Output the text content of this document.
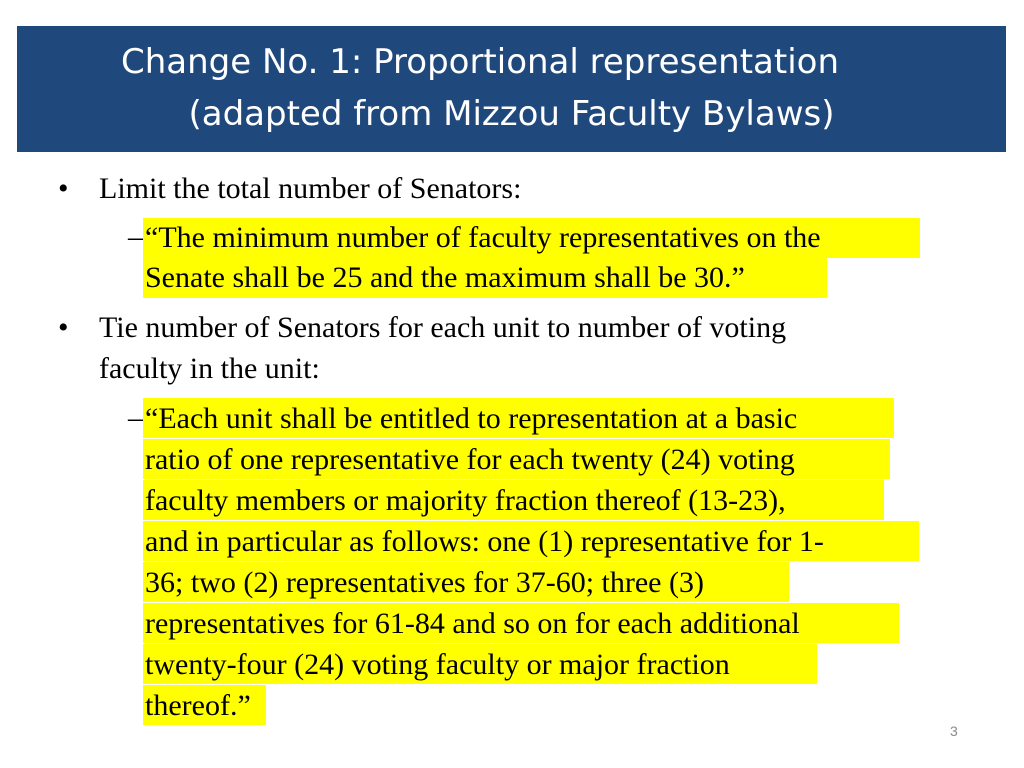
Change No. 1: Proportional representation
(adapted from Mizzou Faculty Bylaws)
• Limit the total number of Senators:
– “The minimum number of faculty representatives on the
Senate shall be 25 and the maximum shall be 30.”
• Tie number of Senators for each unit to number of voting
faculty in the unit:
– “Each unit shall be entitled to representation at a basic
ratio of one representative for each twenty (24) voting
faculty members or majority fraction thereof (13-23),
and in particular as follows: one (1) representative for 1-
36; two (2) representatives for 37-60; three (3)
representatives for 61-84 and so on for each additional
twenty-four (24) voting faculty or major fraction
thereof.”
3
